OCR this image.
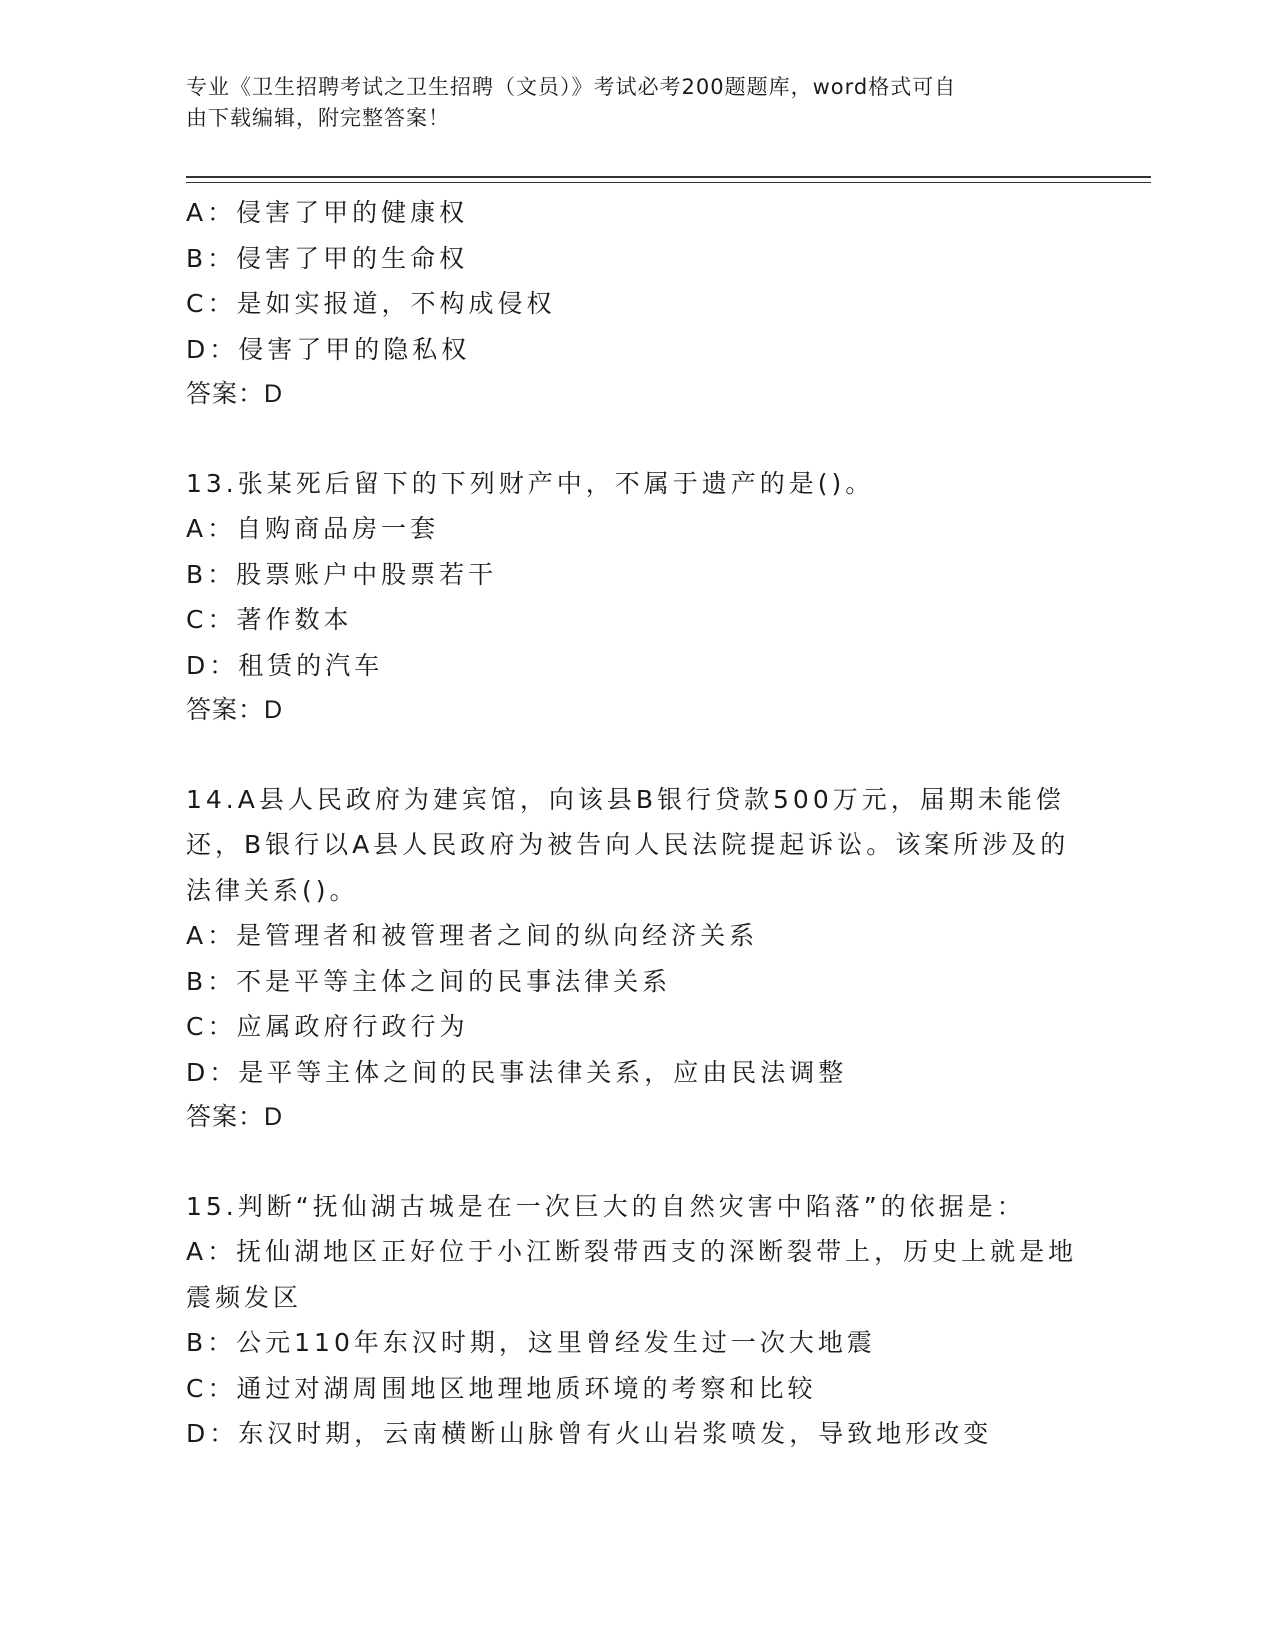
专业《卫生招聘考试之卫生招聘（文员）》考试必考200题题库，word格式可自
由下载编辑，附完整答案！
A：侵害了甲的健康权
B：侵害了甲的生命权
C：是如实报道，不构成侵权
D：侵害了甲的隐私权
答案：D
13.张某死后留下的下列财产中，不属于遗产的是()。
A：自购商品房一套
B：股票账户中股票若干
C：著作数本
D：租赁的汽车
答案：D
14.A县人民政府为建宾馆，向该县B银行贷款500万元，届期未能偿
还，B银行以A县人民政府为被告向人民法院提起诉讼。该案所涉及的
法律关系()。
A：是管理者和被管理者之间的纵向经济关系
B：不是平等主体之间的民事法律关系
C：应属政府行政行为
D：是平等主体之间的民事法律关系，应由民法调整
答案：D
15.判断“抚仙湖古城是在一次巨大的自然灾害中陷落”的依据是：
A：抚仙湖地区正好位于小江断裂带西支的深断裂带上，历史上就是地
震频发区
B：公元110年东汉时期，这里曾经发生过一次大地震
C：通过对湖周围地区地理地质环境的考察和比较
D：东汉时期，云南横断山脉曾有火山岩浆喷发，导致地形改变
